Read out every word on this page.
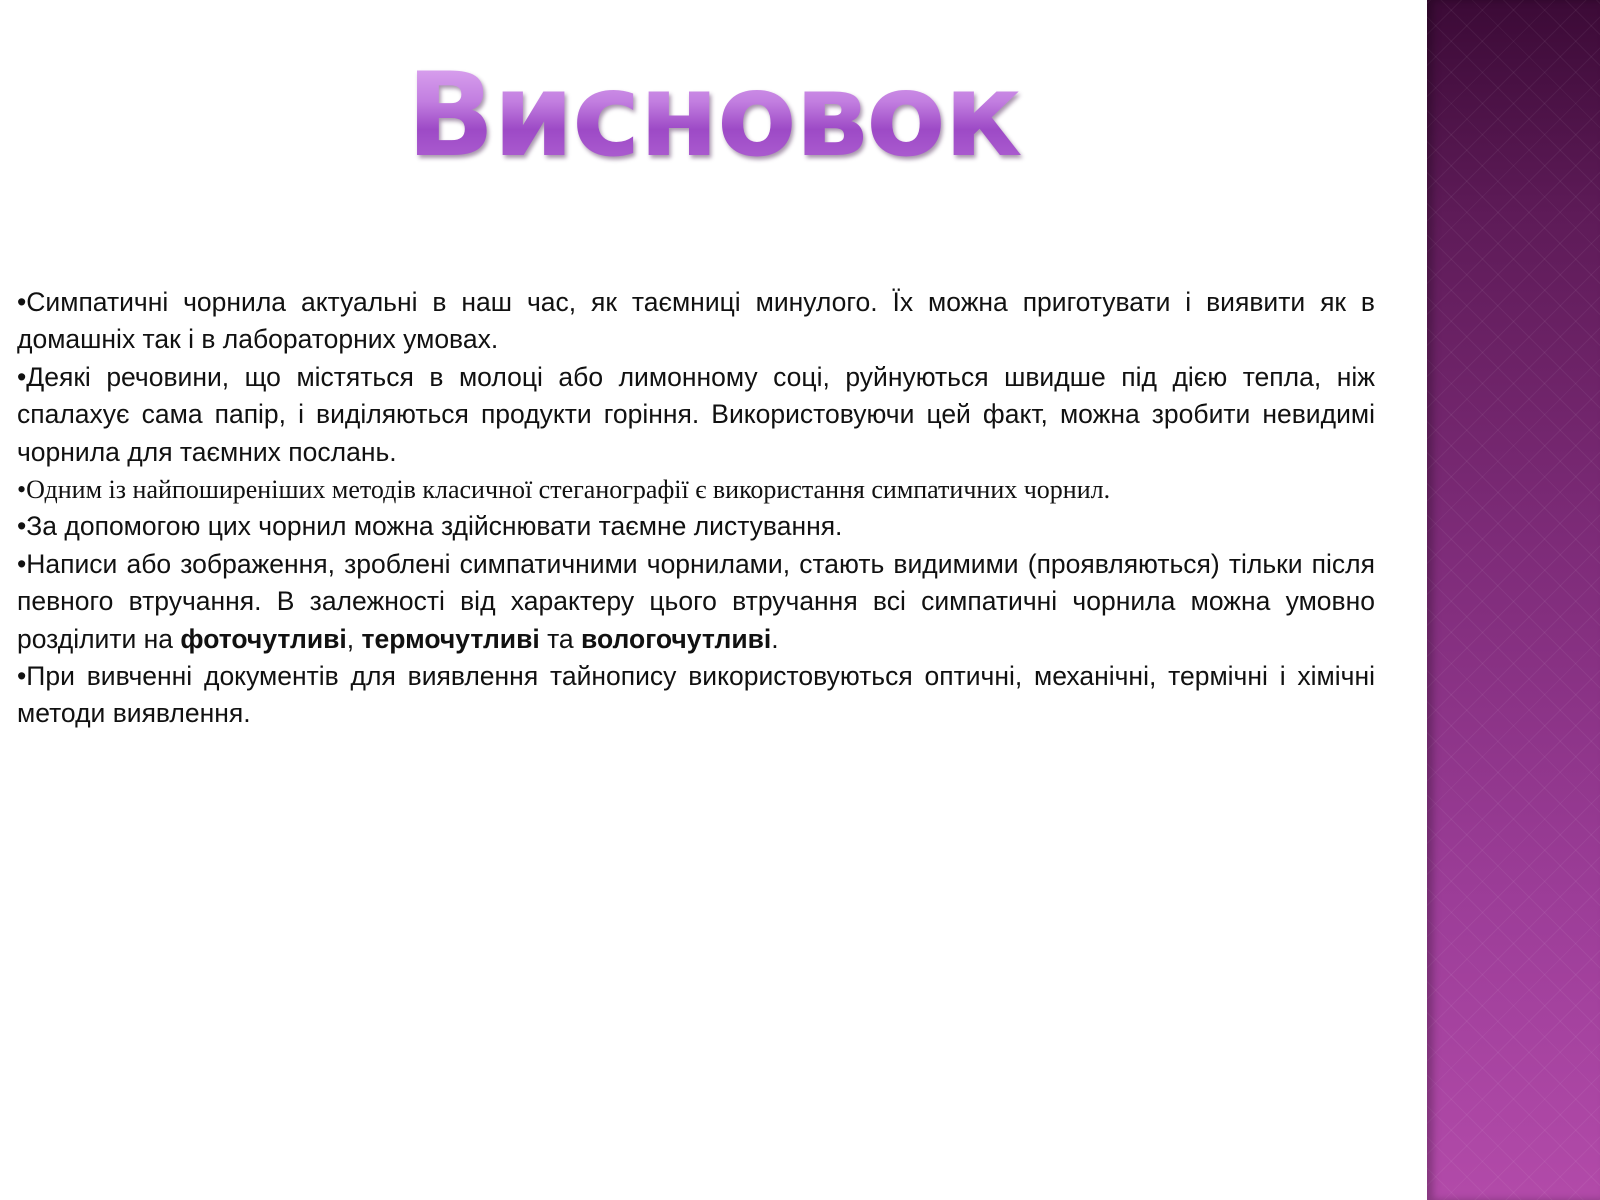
Висновок

•Симпатичні чорнила актуальні в наш час, як таємниці минулого. Їх можна приготувати і виявити як в домашніх так і в лабораторних умовах.

•Деякі речовини, що містяться в молоці або лимонному соці, руйнуються швидше під дією тепла, ніж спалахує сама папір, і виділяються продукти горіння. Використовуючи цей факт, можна зробити невидимі чорнила для таємних послань.

•Одним із найпоширеніших методів класичної стеганографії є використання симпатичних чорнил.

•За допомогою цих чорнил можна здійснювати таємне листування.

•Написи або зображення, зроблені симпатичними чорнилами, стають видимими (проявляються) тільки після певного втручання. В залежності від характеру цього втручання всі симпатичні чорнила можна умовно розділити на фоточутливі, термочутливі та вологочутливі.

•При вивченні документів для виявлення тайнопису використовуються оптичні, механічні, термічні і хімічні методи виявлення.
